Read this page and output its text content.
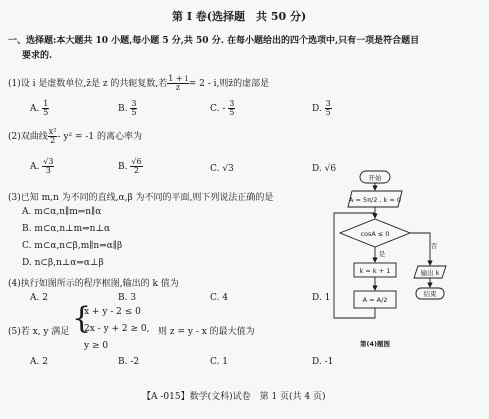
第 Ⅰ 卷(选择题　共 50 分)
一、选择题:本大题共 10 小题,每小题 5 分,共 50 分. 在每小题给出的四个选项中,只有一项是符合题目
要求的.
(1)设 i 是虚数单位,z̄是 z 的共轭复数,若 $\frac{1 + i}{z} = 2 - i$,则z̄的虚部是
A. $\frac{1}{5}$	B. $\frac{3}{5}$	C. - $\frac{3}{5}$	D. $\frac{3}{5}$
(2)双曲线 $\frac{\text{x²}}{2} - y^2 = -1$ 的离心率为
A. $\frac{√3}{3}$	B. $\frac{√6}{2}$	C. √3	D. √6
(3)已知 m,n 为不同的直线,α,β 为不同的平面,则下列说法正确的是
A. m⊂α,n∥m⇒n∥α
B. m⊂α,n⊥m⇒n⊥α
C. m⊂α,n⊂β,m∥n⇒α∥β
D. n⊂β,n⊥α⇒α⊥β
(4)执行如图所示的程序框图,输出的 k 值为
A. 2	B. 3	C. 4	D. 1
(5)若 x, y 满足 {
x + y - 2 ≤ 0
2x - y + 2 ≥ 0,
y ≥ 0
则 z = y - x 的最大值为
A. 2	B. -2	C. 1	D. -1
开始
A = 5π/2 , k = 0
cosA ≤ 0
是
否
k = k + 1
A = A/2
输出 k
结束
第(4)题图
【A -015】数学(文科)试卷　第 1 页(共 4 页)
